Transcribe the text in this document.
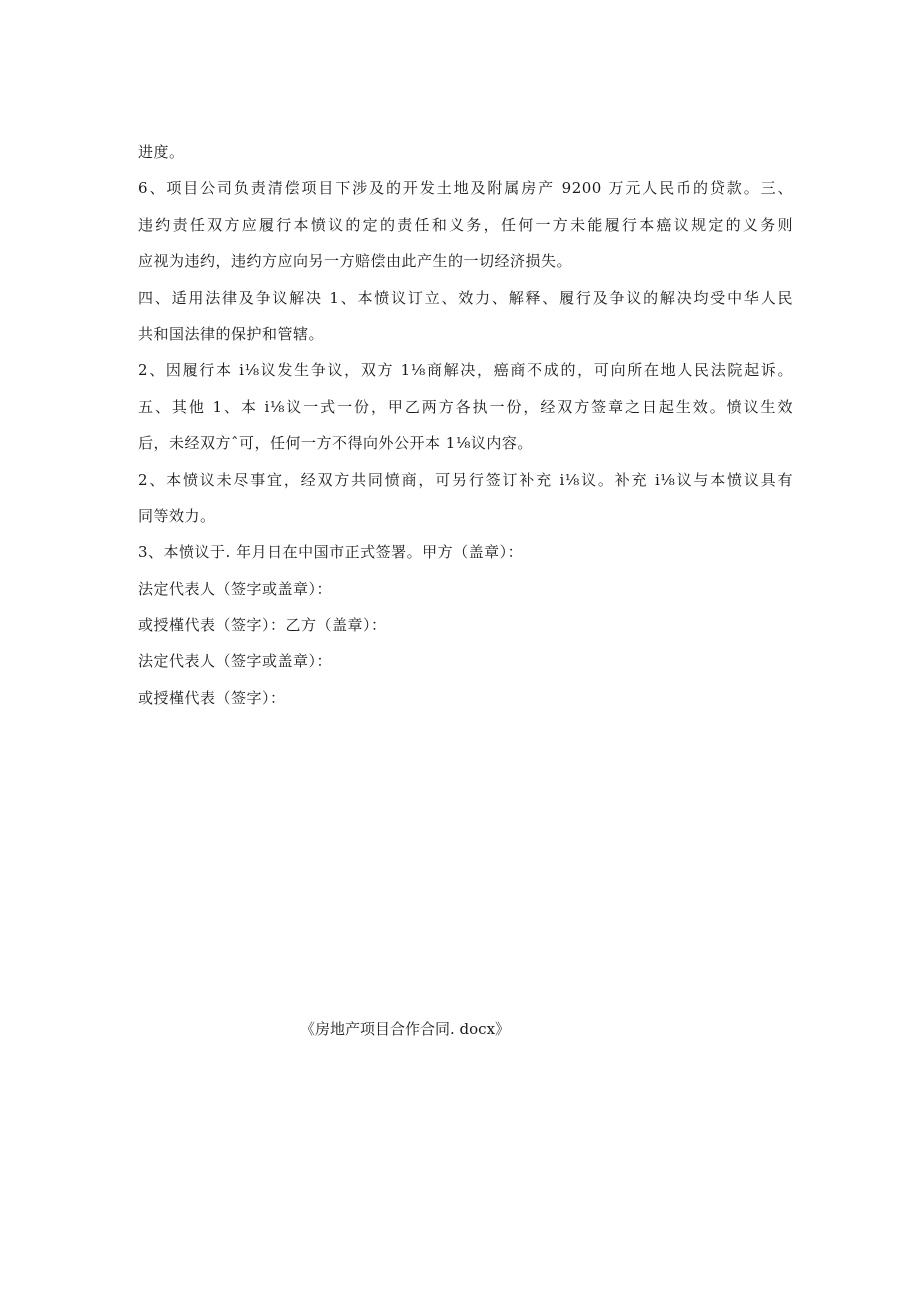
进度。
6、项目公司负责清偿项目下涉及的开发土地及附属房产 9200 万元人民币的贷款。三、
违约责任双方应履行本愤议的定的责任和义务，任何一方未能履行本癌议规定的义务则
应视为违约，违约方应向另一方赔偿由此产生的一切经济损失。
四、适用法律及争议解决 1、本愤议订立、效力、解释、履行及争议的解决均受中华人民
共和国法律的保护和管辖。
2、因履行本 i⅛议发生争议，双方 1⅛商解决，癌商不成的，可向所在地人民法院起诉。
五、其他 1、本 i⅛议一式一份，甲乙两方各执一份，经双方签章之日起生效。愤议生效
后，未经双方ˆ可，任何一方不得向外公开本 1⅛议内容。
2、本愤议未尽事宜，经双方共同愤商，可另行签订补充 i⅛议。补充 i⅛议与本愤议具有
同等效力。
3、本愤议于. 年月日在中国市正式签署。甲方（盖章）：
法定代表人（签字或盖章）：
或授槿代表（签字）：乙方（盖章）：
法定代表人（签字或盖章）：
或授槿代表（签字）：
《房地产项目合作合同. docx》
